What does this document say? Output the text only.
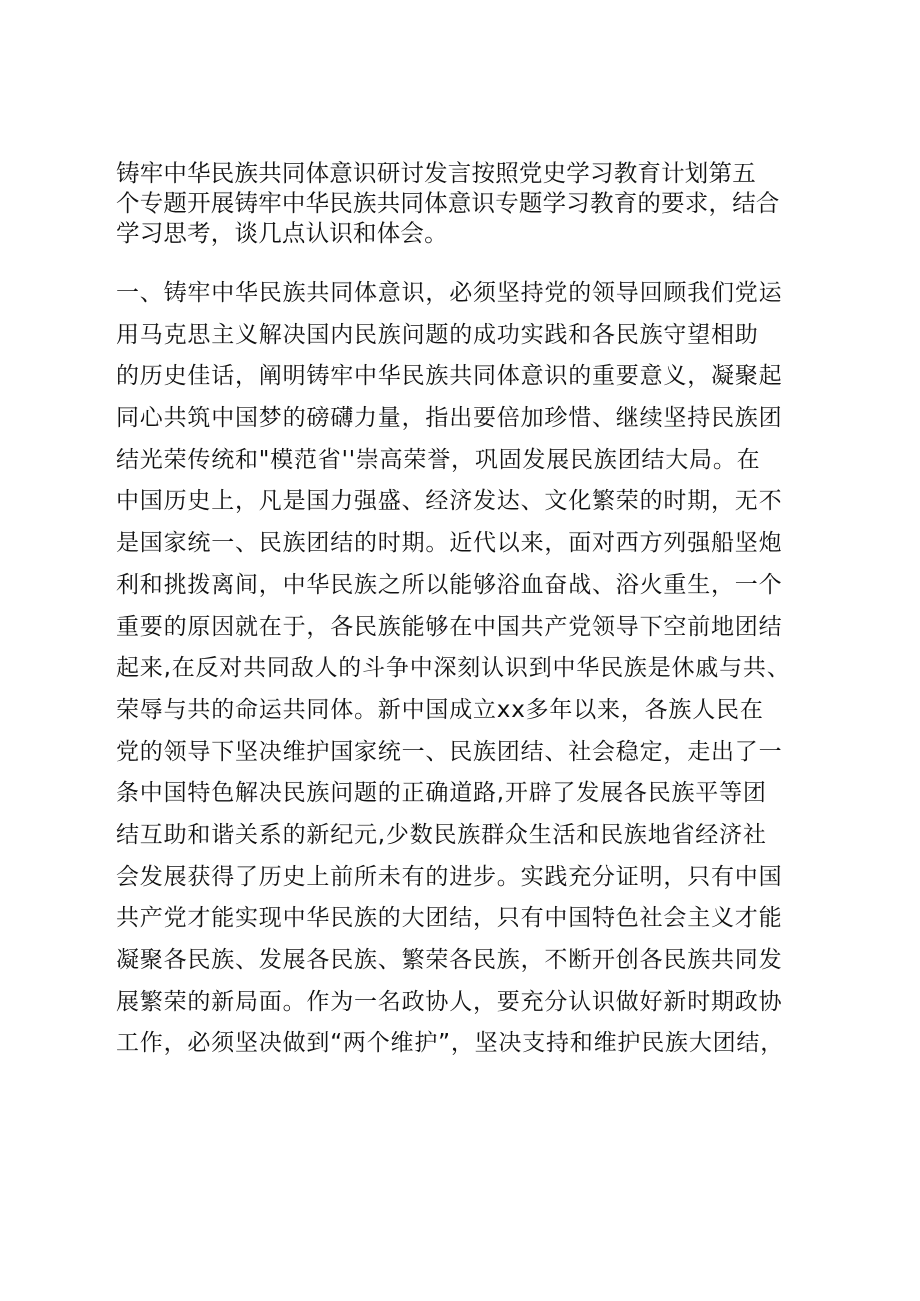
铸牢中华民族共同体意识研讨发言按照党史学习教育计划第五
个专题开展铸牢中华民族共同体意识专题学习教育的要求，结合
学习思考，谈几点认识和体会。
一、铸牢中华民族共同体意识，必须坚持党的领导回顾我们党运
用马克思主义解决国内民族问题的成功实践和各民族守望相助
的历史佳话，阐明铸牢中华民族共同体意识的重要意义，凝聚起
同心共筑中国梦的磅礴力量，指出要倍加珍惜、继续坚持民族团
结光荣传统和"模范省''崇高荣誉，巩固发展民族团结大局。在
中国历史上，凡是国力强盛、经济发达、文化繁荣的时期，无不
是国家统一、民族团结的时期。近代以来，面对西方列强船坚炮
利和挑拨离间，中华民族之所以能够浴血奋战、浴火重生，一个
重要的原因就在于，各民族能够在中国共产党领导下空前地团结
起来,在反对共同敌人的斗争中深刻认识到中华民族是休戚与共、
荣辱与共的命运共同体。新中国成立xx多年以来，各族人民在
党的领导下坚决维护国家统一、民族团结、社会稳定，走出了一
条中国特色解决民族问题的正确道路,开辟了发展各民族平等团
结互助和谐关系的新纪元,少数民族群众生活和民族地省经济社
会发展获得了历史上前所未有的进步。实践充分证明，只有中国
共产党才能实现中华民族的大团结，只有中国特色社会主义才能
凝聚各民族、发展各民族、繁荣各民族，不断开创各民族共同发
展繁荣的新局面。作为一名政协人，要充分认识做好新时期政协
工作，必须坚决做到“两个维护”，坚决支持和维护民族大团结，
